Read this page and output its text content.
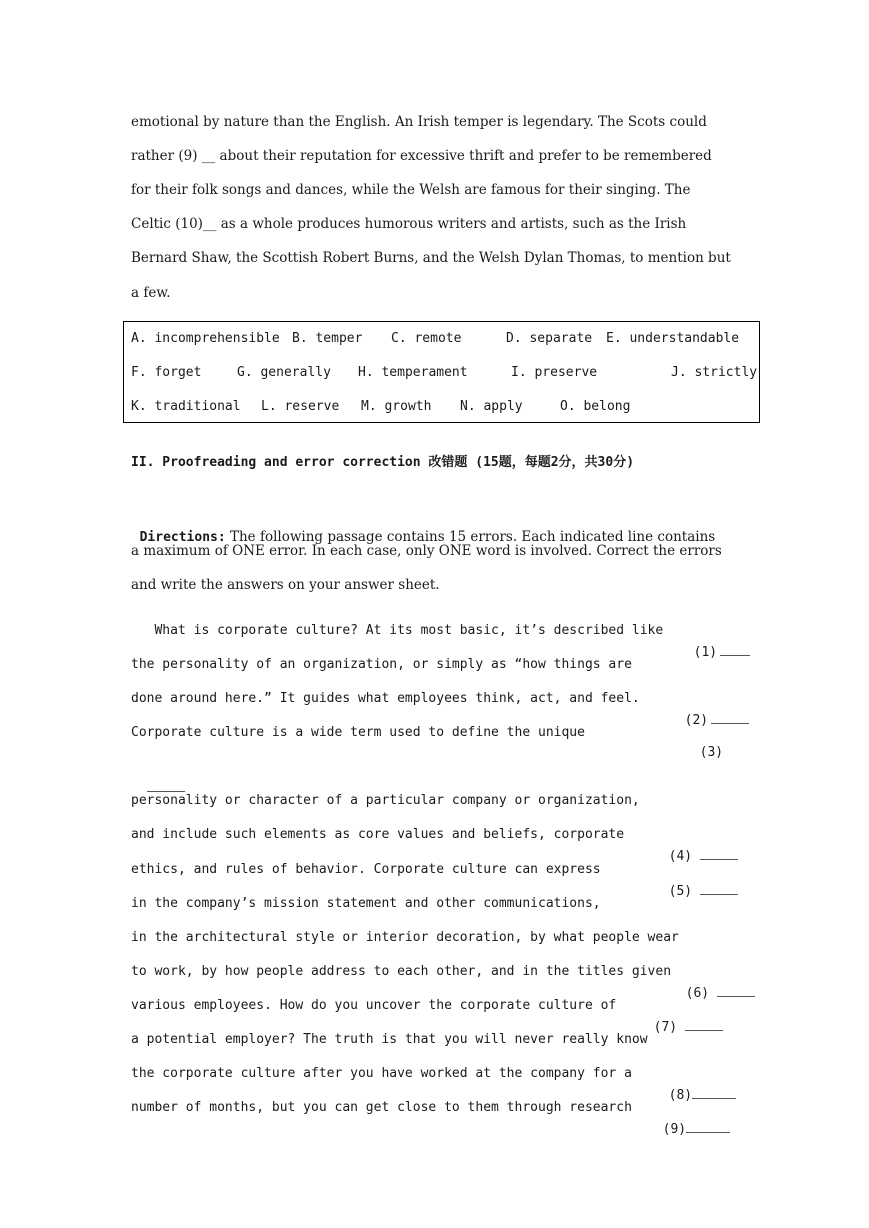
emotional by nature than the English. An Irish temper is legendary. The Scots could
rather (9) __ about their reputation for excessive thrift and prefer to be remembered
for their folk songs and dances, while the Welsh are famous for their singing. The
Celtic (10)__ as a whole produces humorous writers and artists, such as the Irish
Bernard Shaw, the Scottish Robert Burns, and the Welsh Dylan Thomas, to mention but
a few.
A. incomprehensible B. temper C. remote	D. separate E. understandable
F. forget	G. generally H. temperament	I. preserve	J. strictly
K. traditional L. reserve M. growth N. apply	O. belong
II. Proofreading and error correction 改错题 (15题，每题2分，共30分)

Directions: The following passage contains 15 errors. Each indicated line contains

a maximum of ONE error. In each case, only ONE word is involved. Correct the errors
and write the answers on your answer sheet.
What is corporate culture? At its most basic, it’s described like
the personality of an organization, or simply as “how things are
done around here.” It guides what employees think, act, and feel.
Corporate culture is a wide term used to define the unique
personality or character of a particular company or organization,
and include such elements as core values and beliefs, corporate
ethics, and rules of behavior. Corporate culture can express
in the company’s mission statement and other communications,
in the architectural style or interior decoration, by what people wear
to work, by how people address to each other, and in the titles given
various employees. How do you uncover the corporate culture of
a potential employer? The truth is that you will never really know
the corporate culture after you have worked at the company for a
number of months, but you can get close to them through research

(1)

(2)

(3)

(4)

(5)

(6)

(7)

(8)

(9)
